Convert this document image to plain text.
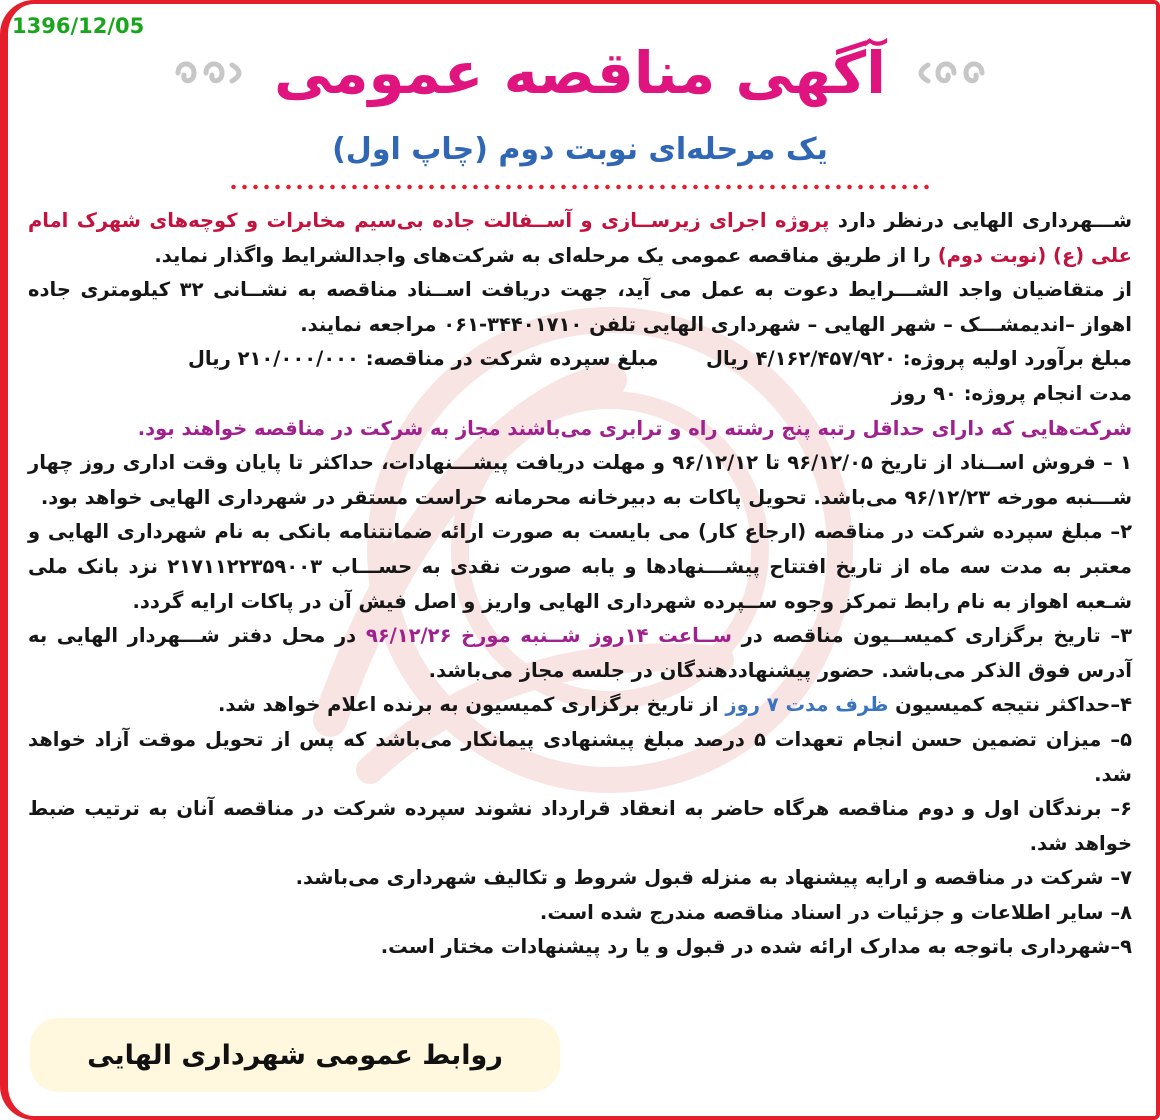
1396/12/05
آگهی مناقصه عمومی
یک مرحله‌ای نوبت دوم (چاپ اول)

شـــهرداری الهایی درنظر دارد پروژه اجرای زیرســازی و آســفالت جاده بی‌سیم مخابرات و کوچه‌های شهرک امام علی (ع) (نوبت دوم) را از طریق مناقصه عمومی یک مرحله‌ای به شرکت‌های واجدالشرایط واگذار نماید.

از متقاضیان واجد الشـــرایط دعوت به عمل می آید، جهت دریافت اســناد مناقصه به نشــانی ۳۲ کیلومتری جاده اهواز –اندیمشـــک – شهر الهایی – شهرداری الهایی تلفن ۳۴۴۰۱۷۱۰-۰۶۱ مراجعه نمایند.

مبلغ برآورد اولیه پروژه: ۴/۱۶۲/۴۵۷/۹۲۰ ریال
مبلغ سپرده شرکت در مناقصه: ۲۱۰/۰۰۰/۰۰۰ ریال

مدت انجام پروژه: ۹۰ روز

شرکت‌هایی که دارای حداقل رتبه پنج رشته راه و ترابری می‌باشند مجاز به شرکت در مناقصه خواهند بود.

۱ – فروش اســناد از تاریخ ۹۶/۱۲/۰۵ تا ۹۶/۱۲/۱۲ و مهلت دریافت پیشـــنهادات، حداکثر تا پایان وقت اداری روز چهار شـــنبه مورخه ۹۶/۱۲/۲۳ می‌باشد. تحویل پاکات به دبیرخانه محرمانه حراست مستقر در شهرداری الهایی خواهد بود.

۲– مبلغ سپرده شرکت در مناقصه (ارجاع کار) می بایست به صورت ارائه ضمانتنامه بانکی به نام شهرداری الهایی و معتبر به مدت سه ماه از تاریخ افتتاح پیشـــنهادها و یابه صورت نقدی به حســـاب ۲۱۷۱۱۲۲۳۵۹۰۰۳ نزد بانک ملی شـعبه اهواز به نام رابط تمرکز وجوه ســپرده شهرداری الهایی واریز و اصل فیش آن در پاکات ارایه گردد.

۳– تاریخ برگزاری کمیســیون مناقصه در ســاعت ۱۴روز شــنبه مورخ ۹۶/۱۲/۲۶ در محل دفتر شـــهردار الهایی به آدرس فوق الذکر می‌باشد. حضور پیشنهاددهندگان در جلسه مجاز می‌باشد.

۴–حداکثر نتیجه کمیسیون ظرف مدت ۷ روز از تاریخ برگزاری کمیسیون به برنده اعلام خواهد شد.

۵– میزان تضمین حسن انجام تعهدات ۵ درصد مبلغ پیشنهادی پیمانکار می‌باشد که پس از تحویل موقت آزاد خواهد شد.

۶– برندگان اول و دوم مناقصه هرگاه حاضر به انعقاد قرارداد نشوند سپرده شرکت در مناقصه آنان به ترتیب ضبط خواهد شد.

۷– شرکت در مناقصه و ارایه پیشنهاد به منزله قبول شروط و تکالیف شهرداری می‌باشد.

۸– سایر اطلاعات و جزئیات در اسناد مناقصه مندرج شده است.

۹–شهرداری باتوجه به مدارک ارائه شده در قبول و یا رد پیشنهادات مختار است.

روابط عمومی شهرداری الهایی
